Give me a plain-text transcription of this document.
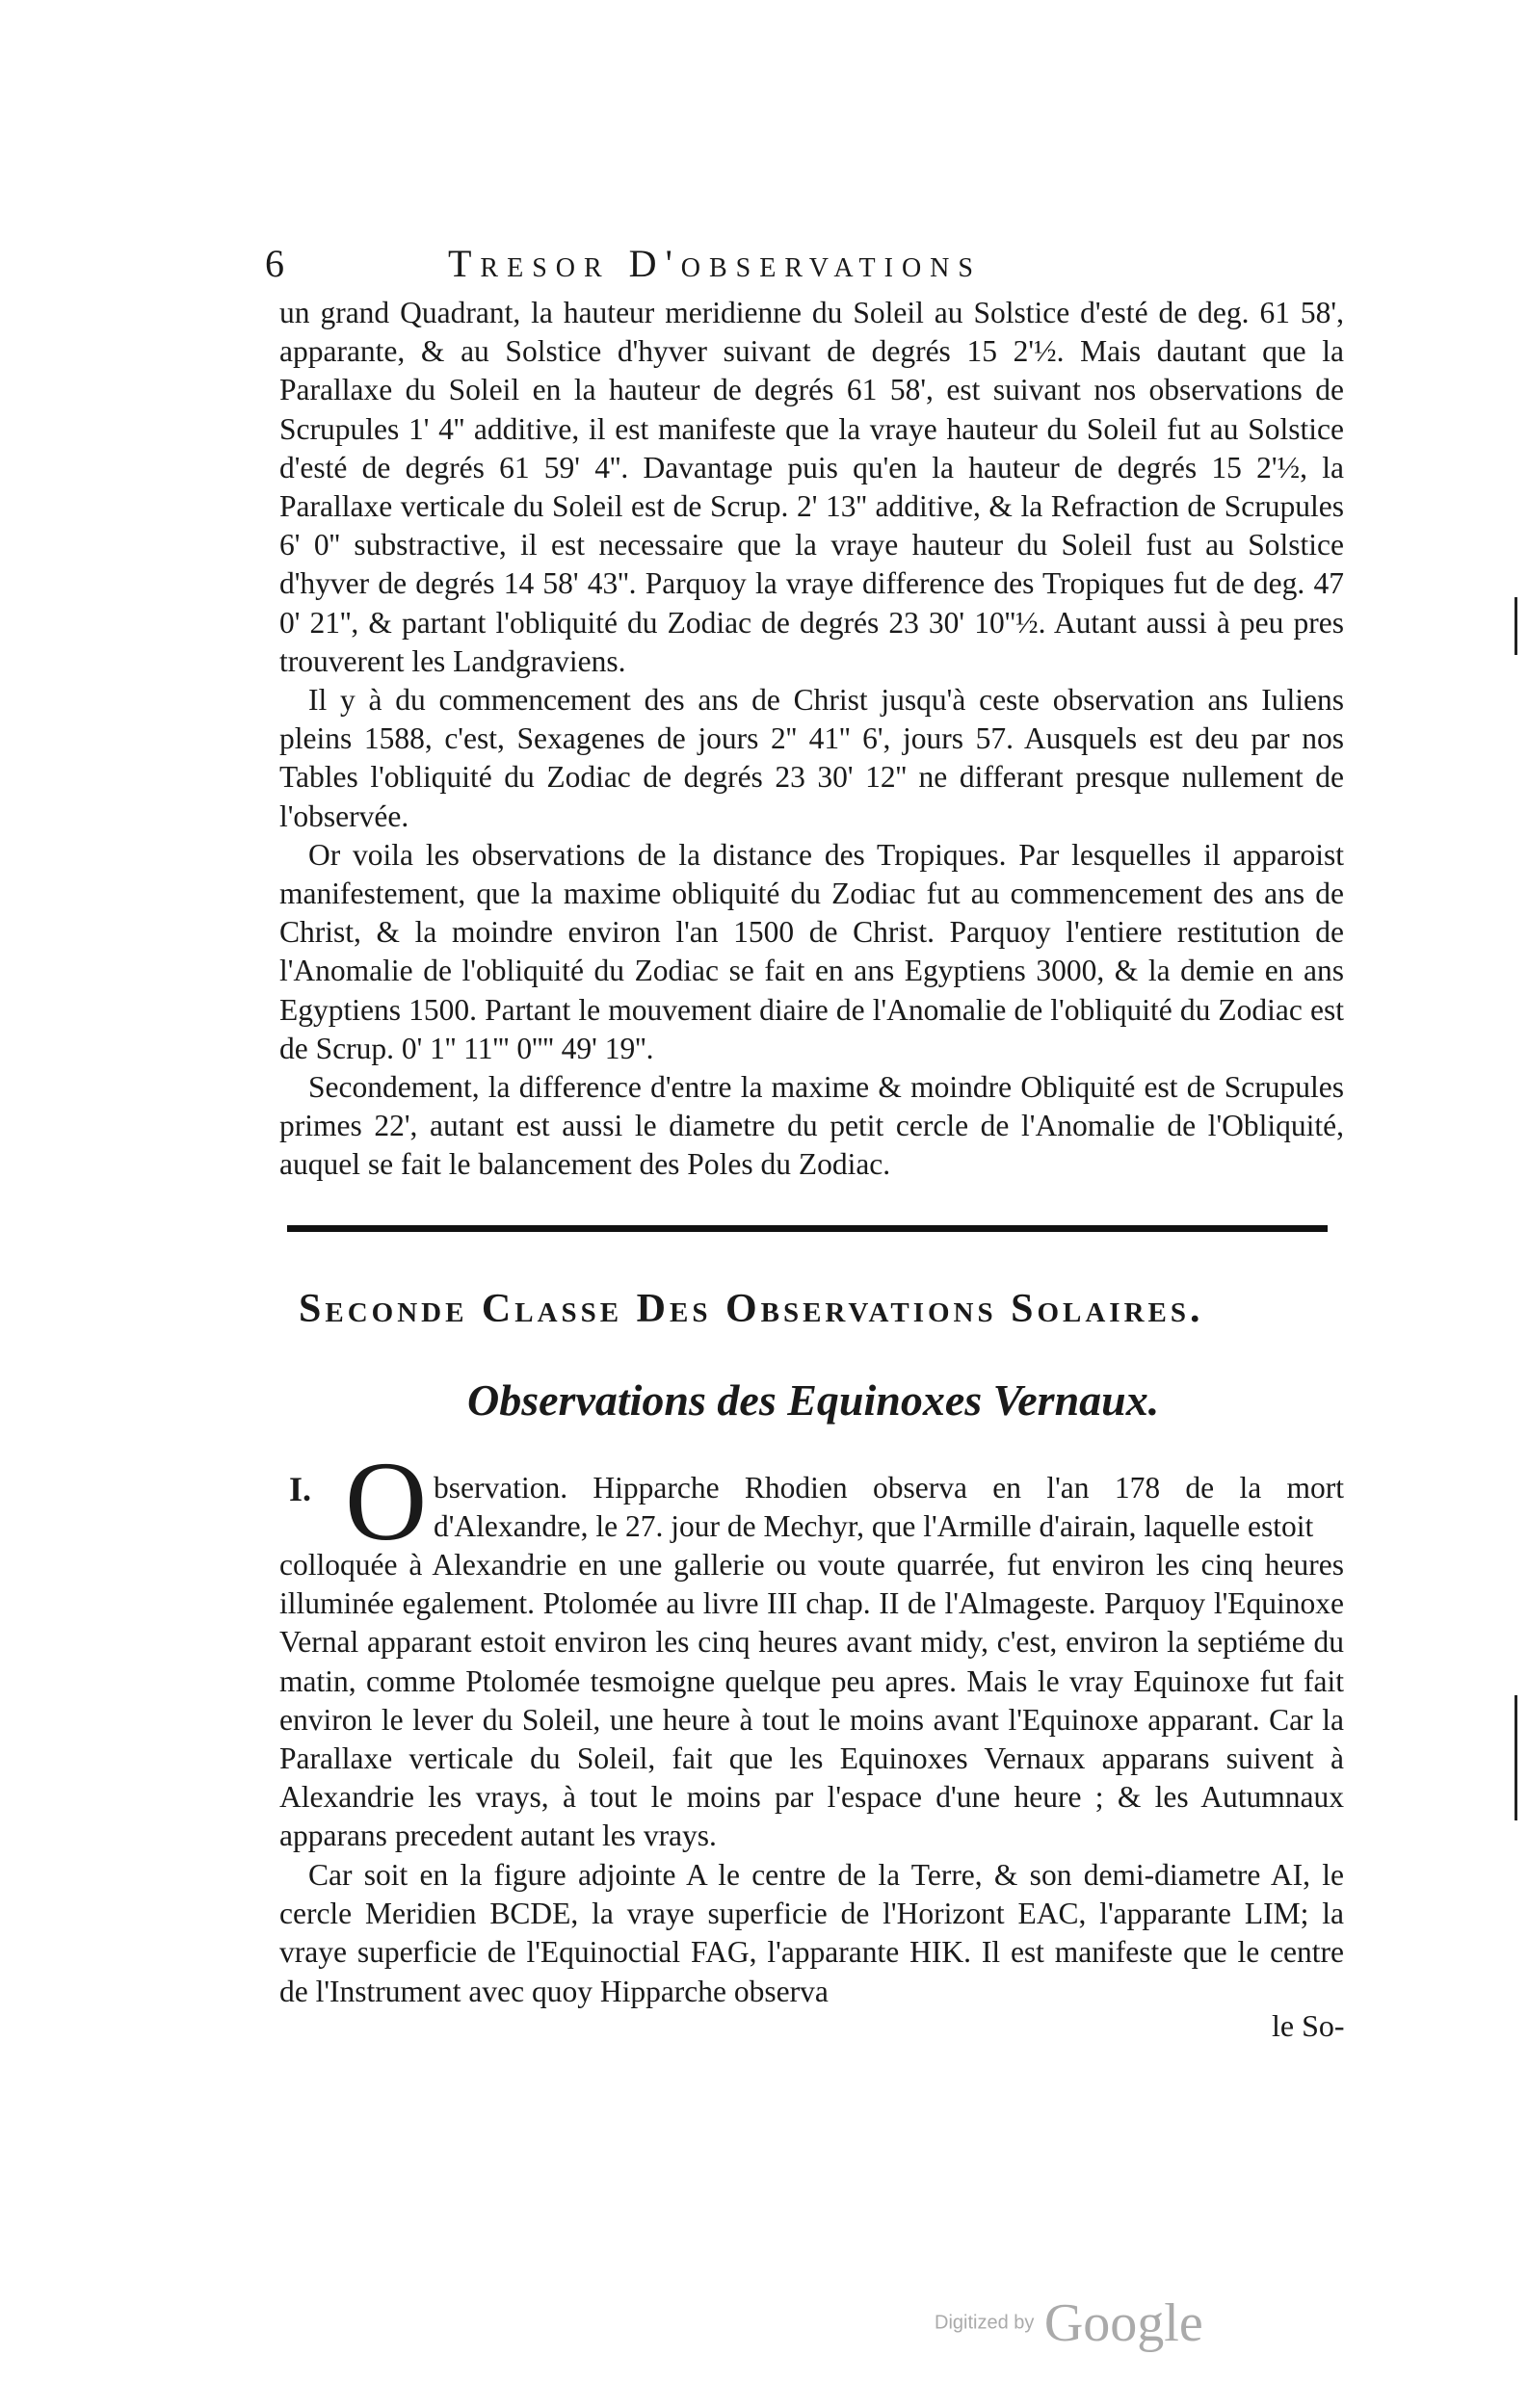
6	Tresor D'observations

un grand Quadrant, la hauteur meridienne du Soleil au Solstice d'esté de deg. 61 58', apparante, & au Solstice d'hyver suivant de degrés 15 2'½. Mais dautant que la Parallaxe du Soleil en la hauteur de degrés 61 58', est suivant nos observations de Scrupules 1' 4'' additive, il est manifeste que la vraye hauteur du Soleil fut au Solstice d'esté de degrés 61 59' 4''. Davantage puis qu'en la hauteur de degrés 15 2'½, la Parallaxe verticale du Soleil est de Scrup. 2' 13'' additive, & la Refraction de Scrupules 6' 0'' substractive, il est necessaire que la vraye hauteur du Soleil fust au Solstice d'hyver de degrés 14 58' 43''. Parquoy la vraye difference des Tropiques fut de deg. 47 0' 21'', & partant l'obliquité du Zodiac de degrés 23 30' 10''½. Autant aussi à peu pres trouverent les Landgraviens.

Il y à du commencement des ans de Christ jusqu'à ceste observation ans Iuliens pleins 1588, c'est, Sexagenes de jours 2'' 41'' 6', jours 57. Ausquels est deu par nos Tables l'obliquité du Zodiac de degrés 23 30' 12'' ne differant presque nullement de l'observée.

Or voila les observations de la distance des Tropiques. Par lesquelles il apparoist manifestement, que la maxime obliquité du Zodiac fut au commencement des ans de Christ, & la moindre environ l'an 1500 de Christ. Parquoy l'entiere restitution de l'Anomalie de l'obliquité du Zodiac se fait en ans Egyptiens 3000, & la demie en ans Egyptiens 1500. Partant le mouvement diaire de l'Anomalie de l'obliquité du Zodiac est de Scrup. 0' 1'' 11''' 0'''' 49' 19''.

Secondement, la difference d'entre la maxime & moindre Obliquité est de Scrupules primes 22', autant est aussi le diametre du petit cercle de l'Anomalie de l'Obliquité, auquel se fait le balancement des Poles du Zodiac.

Seconde Classe Des Observations Solaires.
Observations des Equinoxes Vernaux.
I. O bservation. Hipparche Rhodien observa en l'an 178 de la mort d'Alexandre, le 27. jour de Mechyr, que l'Armille d'airain, laquelle estoit

colloquée à Alexandrie en une gallerie ou voute quarrée, fut environ les cinq heures illuminée egalement. Ptolomée au livre III chap. II de l'Almageste. Parquoy l'Equinoxe Vernal apparant estoit environ les cinq heures avant midy, c'est, environ la septiéme du matin, comme Ptolomée tesmoigne quelque peu apres. Mais le vray Equinoxe fut fait environ le lever du Soleil, une heure à tout le moins avant l'Equinoxe apparant. Car la Parallaxe verticale du Soleil, fait que les Equinoxes Vernaux apparans suivent à Alexandrie les vrays, à tout le moins par l'espace d'une heure ; & les Autumnaux apparans precedent autant les vrays.

Car soit en la figure adjointe A le centre de la Terre, & son demi-diametre AI, le cercle Meridien BCDE, la vraye superficie de l'Horizont EAC, l'apparante LIM; la vraye superficie de l'Equinoctial FAG, l'apparante HIK. Il est manifeste que le centre de l'Instrument avec quoy Hipparche observa

le So-
Digitized by Google
